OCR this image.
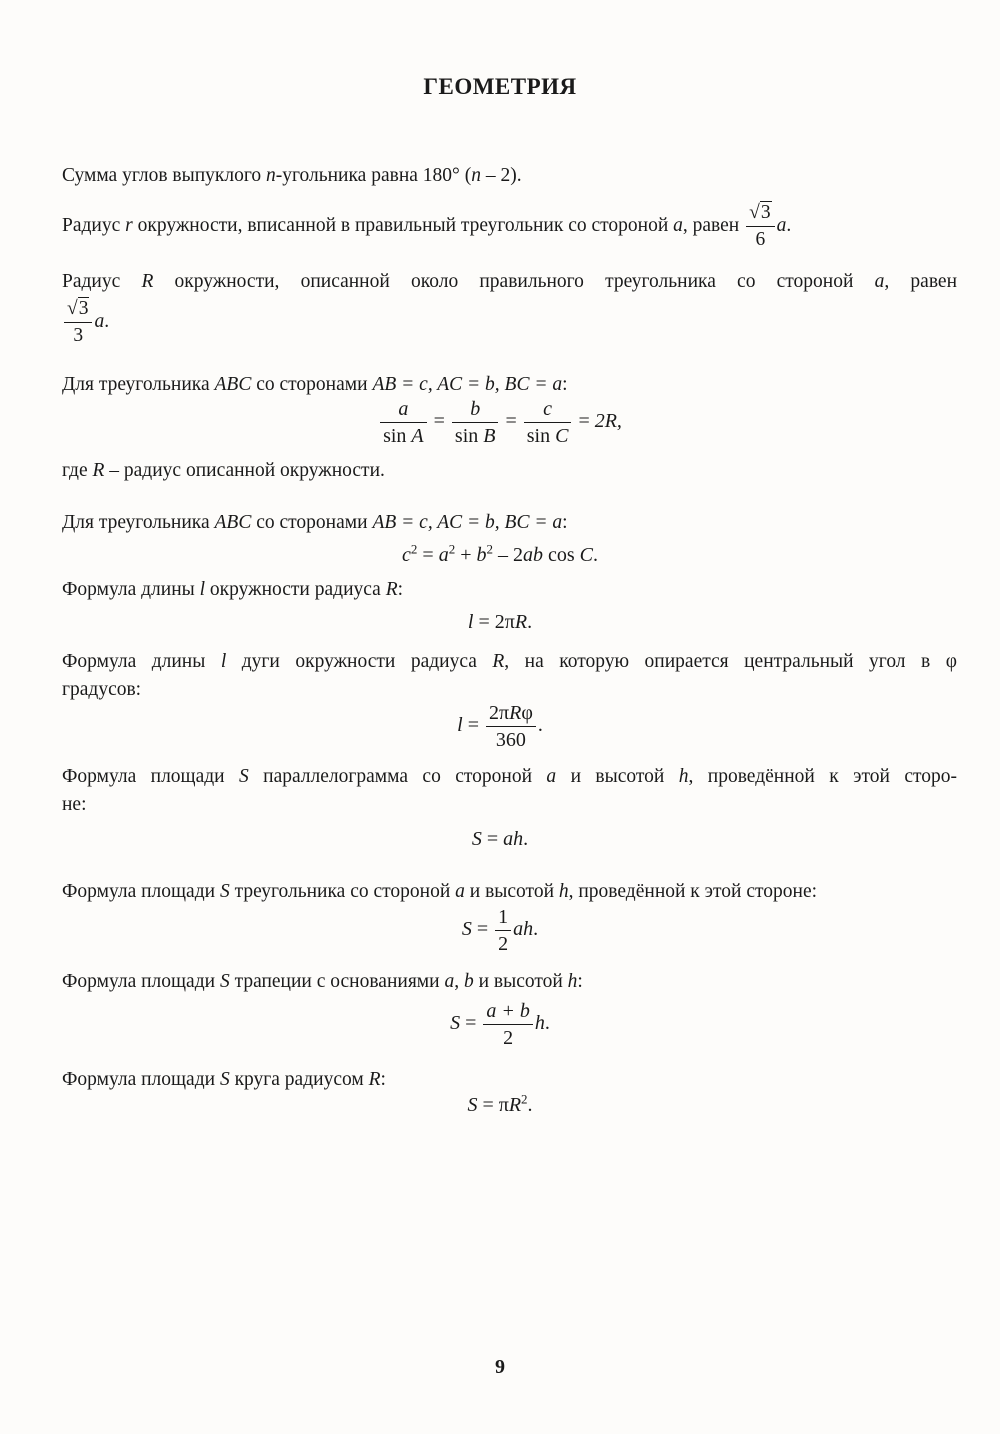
ГЕОМЕТРИЯ
Сумма углов выпуклого n-угольника равна 180° (n – 2).
Радиус r окружности, вписанной в правильный треугольник со стороной a, равен $\frac{√3}{6} a$.
Радиус R окружности, описанной около правильного треугольника со стороной a, равен
$\frac{√3}{3} a$.
Для треугольника ABC со сторонами AB = c, AC = b, BC = a:
$\frac{a}{\text{sin A}} = \frac{b}{\text{sin B}} = \frac{c}{\text{sin C}} = 2R$,
где R – радиус описанной окружности.
Для треугольника ABC со сторонами AB = c, AC = b, BC = a:
$c^2 = a^2 + b^2 - 2ab$ cos C.
Формула длины l окружности радиуса R:
l = 2πR.
Формула длины l дуги окружности радиуса R, на которую опирается центральный угол в φ
градусов:
$l = \frac{\text{2πRφ}}{360}$ .
Формула площади S параллелограмма со стороной a и высотой h, проведённой к этой сторо-
не:
S = ah.
Формула площади S треугольника со стороной a и высотой h, проведённой к этой стороне:
$S = \frac{1}{2}$ ah.
Формула площади S трапеции с основаниями a, b и высотой h:
$S = \frac{a + b}{2} h$.
Формула площади S круга радиусом R:
$S = \pi R^2$.
9
